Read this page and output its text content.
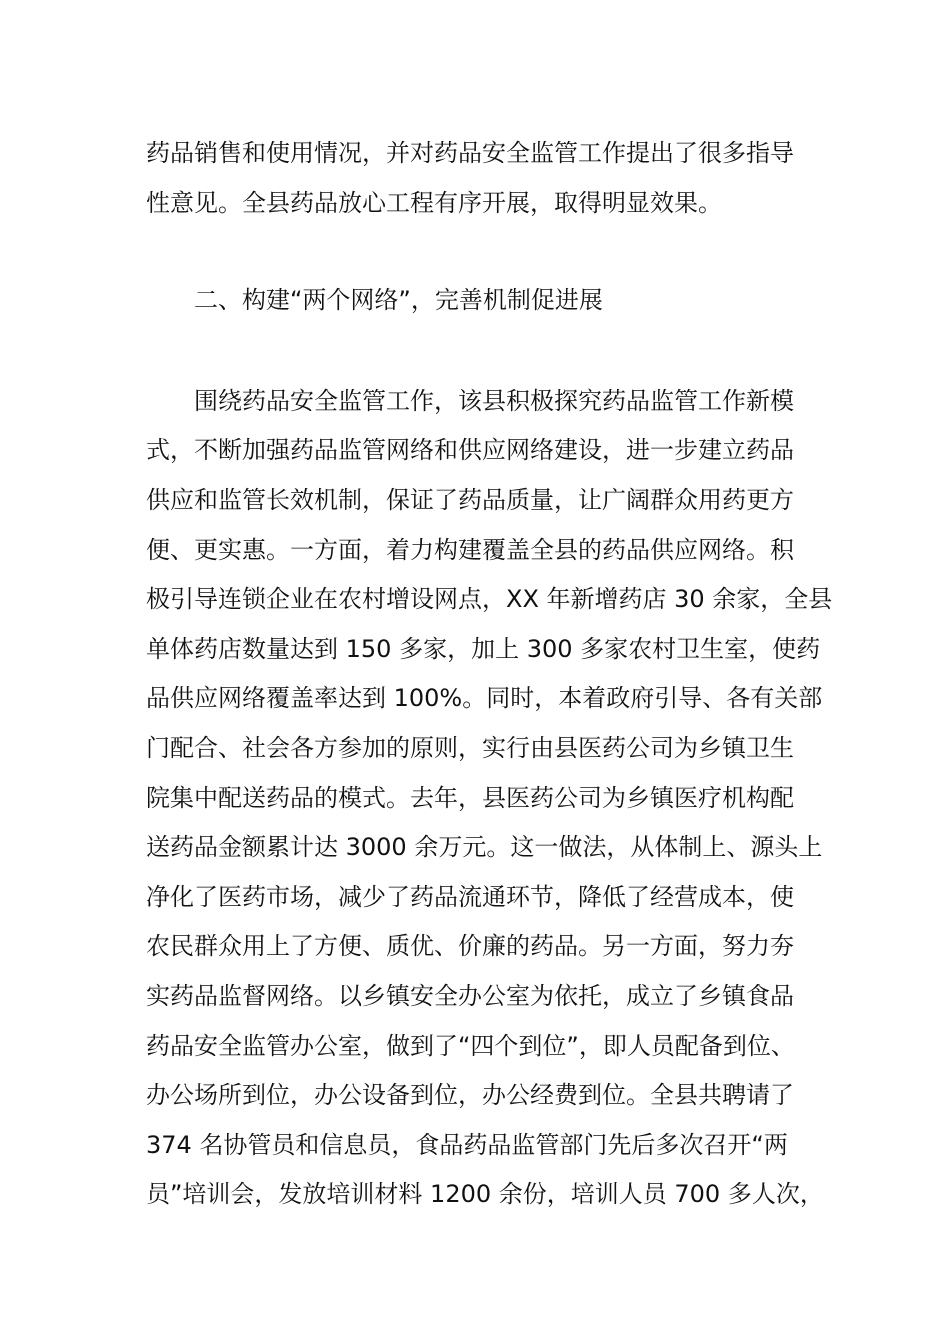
药品销售和使用情况，并对药品安全监管工作提出了很多指导
性意见。全县药品放心工程有序开展，取得明显效果。
二、构建“两个网络”，完善机制促进展
围绕药品安全监管工作，该县积极探究药品监管工作新模
式，不断加强药品监管网络和供应网络建设，进一步建立药品
供应和监管长效机制，保证了药品质量，让广阔群众用药更方
便、更实惠。一方面，着力构建覆盖全县的药品供应网络。积
极引导连锁企业在农村增设网点，XX 年新增药店 30 余家，全县
单体药店数量达到 150 多家，加上 300 多家农村卫生室，使药
品供应网络覆盖率达到 100%。同时，本着政府引导、各有关部
门配合、社会各方参加的原则，实行由县医药公司为乡镇卫生
院集中配送药品的模式。去年，县医药公司为乡镇医疗机构配
送药品金额累计达 3000 余万元。这一做法，从体制上、源头上
净化了医药市场，减少了药品流通环节，降低了经营成本，使
农民群众用上了方便、质优、价廉的药品。另一方面，努力夯
实药品监督网络。以乡镇安全办公室为依托，成立了乡镇食品
药品安全监管办公室，做到了“四个到位”，即人员配备到位、
办公场所到位，办公设备到位，办公经费到位。全县共聘请了
374 名协管员和信息员，食品药品监管部门先后多次召开“两
员”培训会，发放培训材料 1200 余份，培训人员 700 多人次，
